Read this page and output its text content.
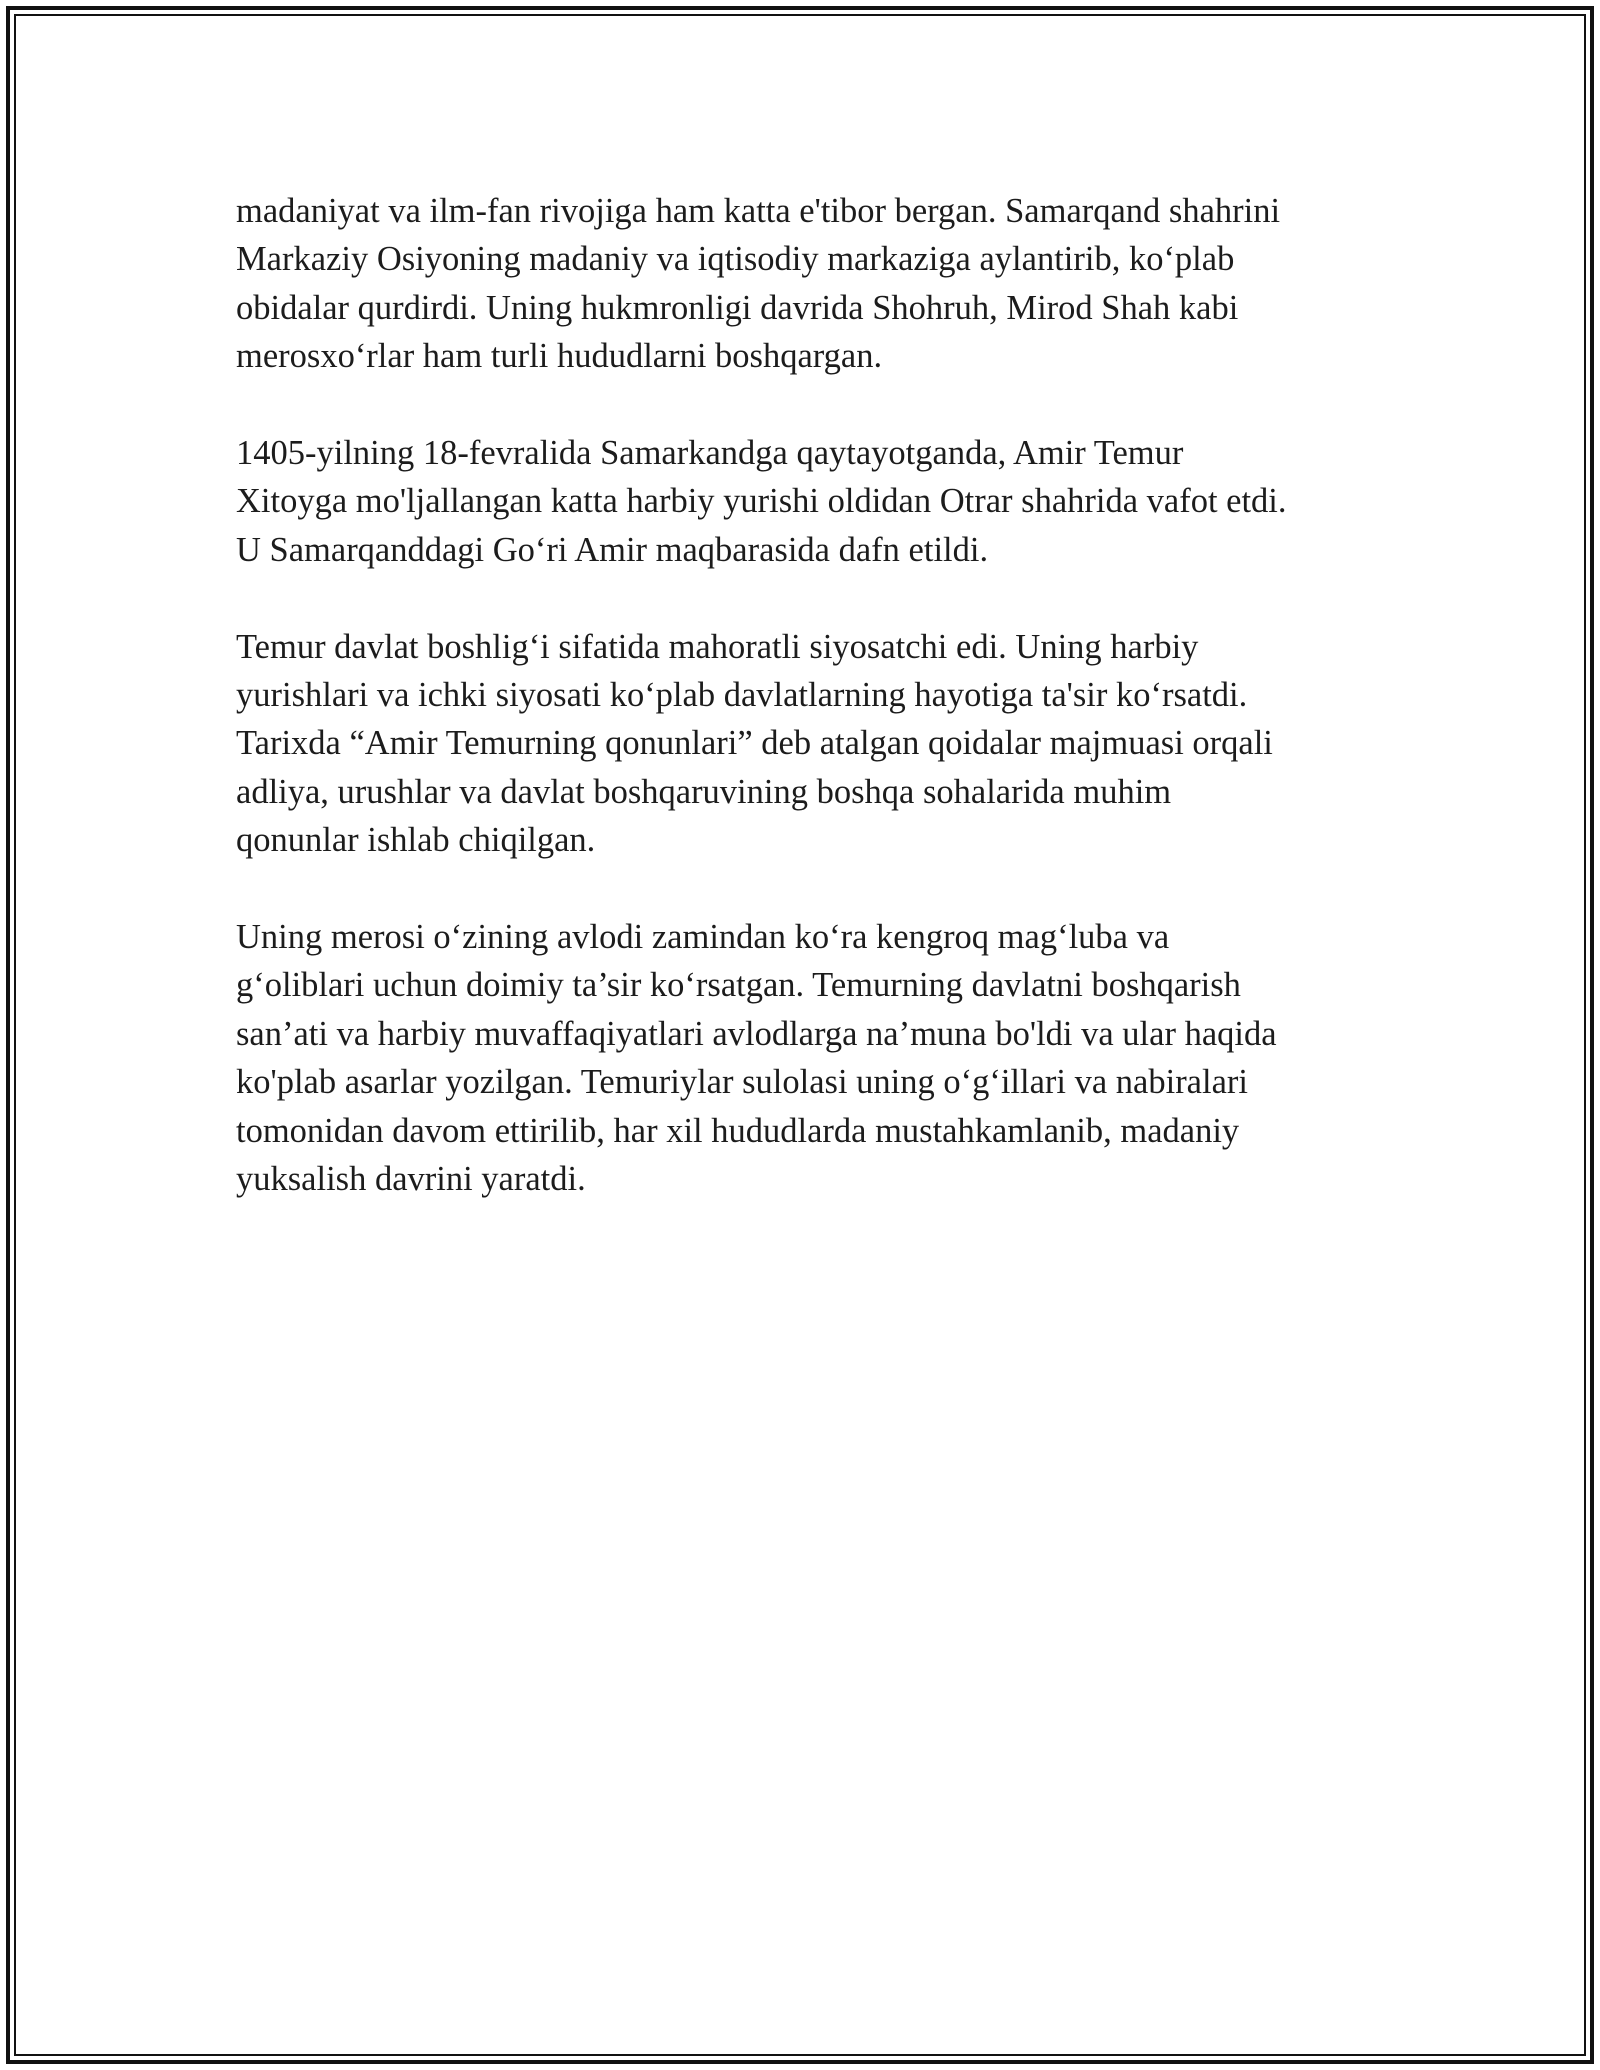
madaniyat va ilm-fan rivojiga ham katta e'tibor bergan. Samarqand shahrini
Markaziy Osiyoning madaniy va iqtisodiy markaziga aylantirib, ko‘plab
obidalar qurdirdi. Uning hukmronligi davrida Shohruh, Mirod Shah kabi
merosxo‘rlar ham turli hududlarni boshqargan.

1405-yilning 18-fevralida Samarkandga qaytayotganda, Amir Temur
Xitoyga mo'ljallangan katta harbiy yurishi oldidan Otrar shahrida vafot etdi.
U Samarqanddagi Go‘ri Amir maqbarasida dafn etildi.

Temur davlat boshlig‘i sifatida mahoratli siyosatchi edi. Uning harbiy
yurishlari va ichki siyosati ko‘plab davlatlarning hayotiga ta'sir ko‘rsatdi.
Tarixda “Amir Temurning qonunlari” deb atalgan qoidalar majmuasi orqali
adliya, urushlar va davlat boshqaruvining boshqa sohalarida muhim
qonunlar ishlab chiqilgan.

Uning merosi o‘zining avlodi zamindan ko‘ra kengroq mag‘luba va
g‘oliblari uchun doimiy ta’sir ko‘rsatgan. Temurning davlatni boshqarish
san’ati va harbiy muvaffaqiyatlari avlodlarga na’muna bo'ldi va ular haqida
ko'plab asarlar yozilgan. Temuriylar sulolasi uning o‘g‘illari va nabiralari
tomonidan davom ettirilib, har xil hududlarda mustahkamlanib, madaniy
yuksalish davrini yaratdi.
